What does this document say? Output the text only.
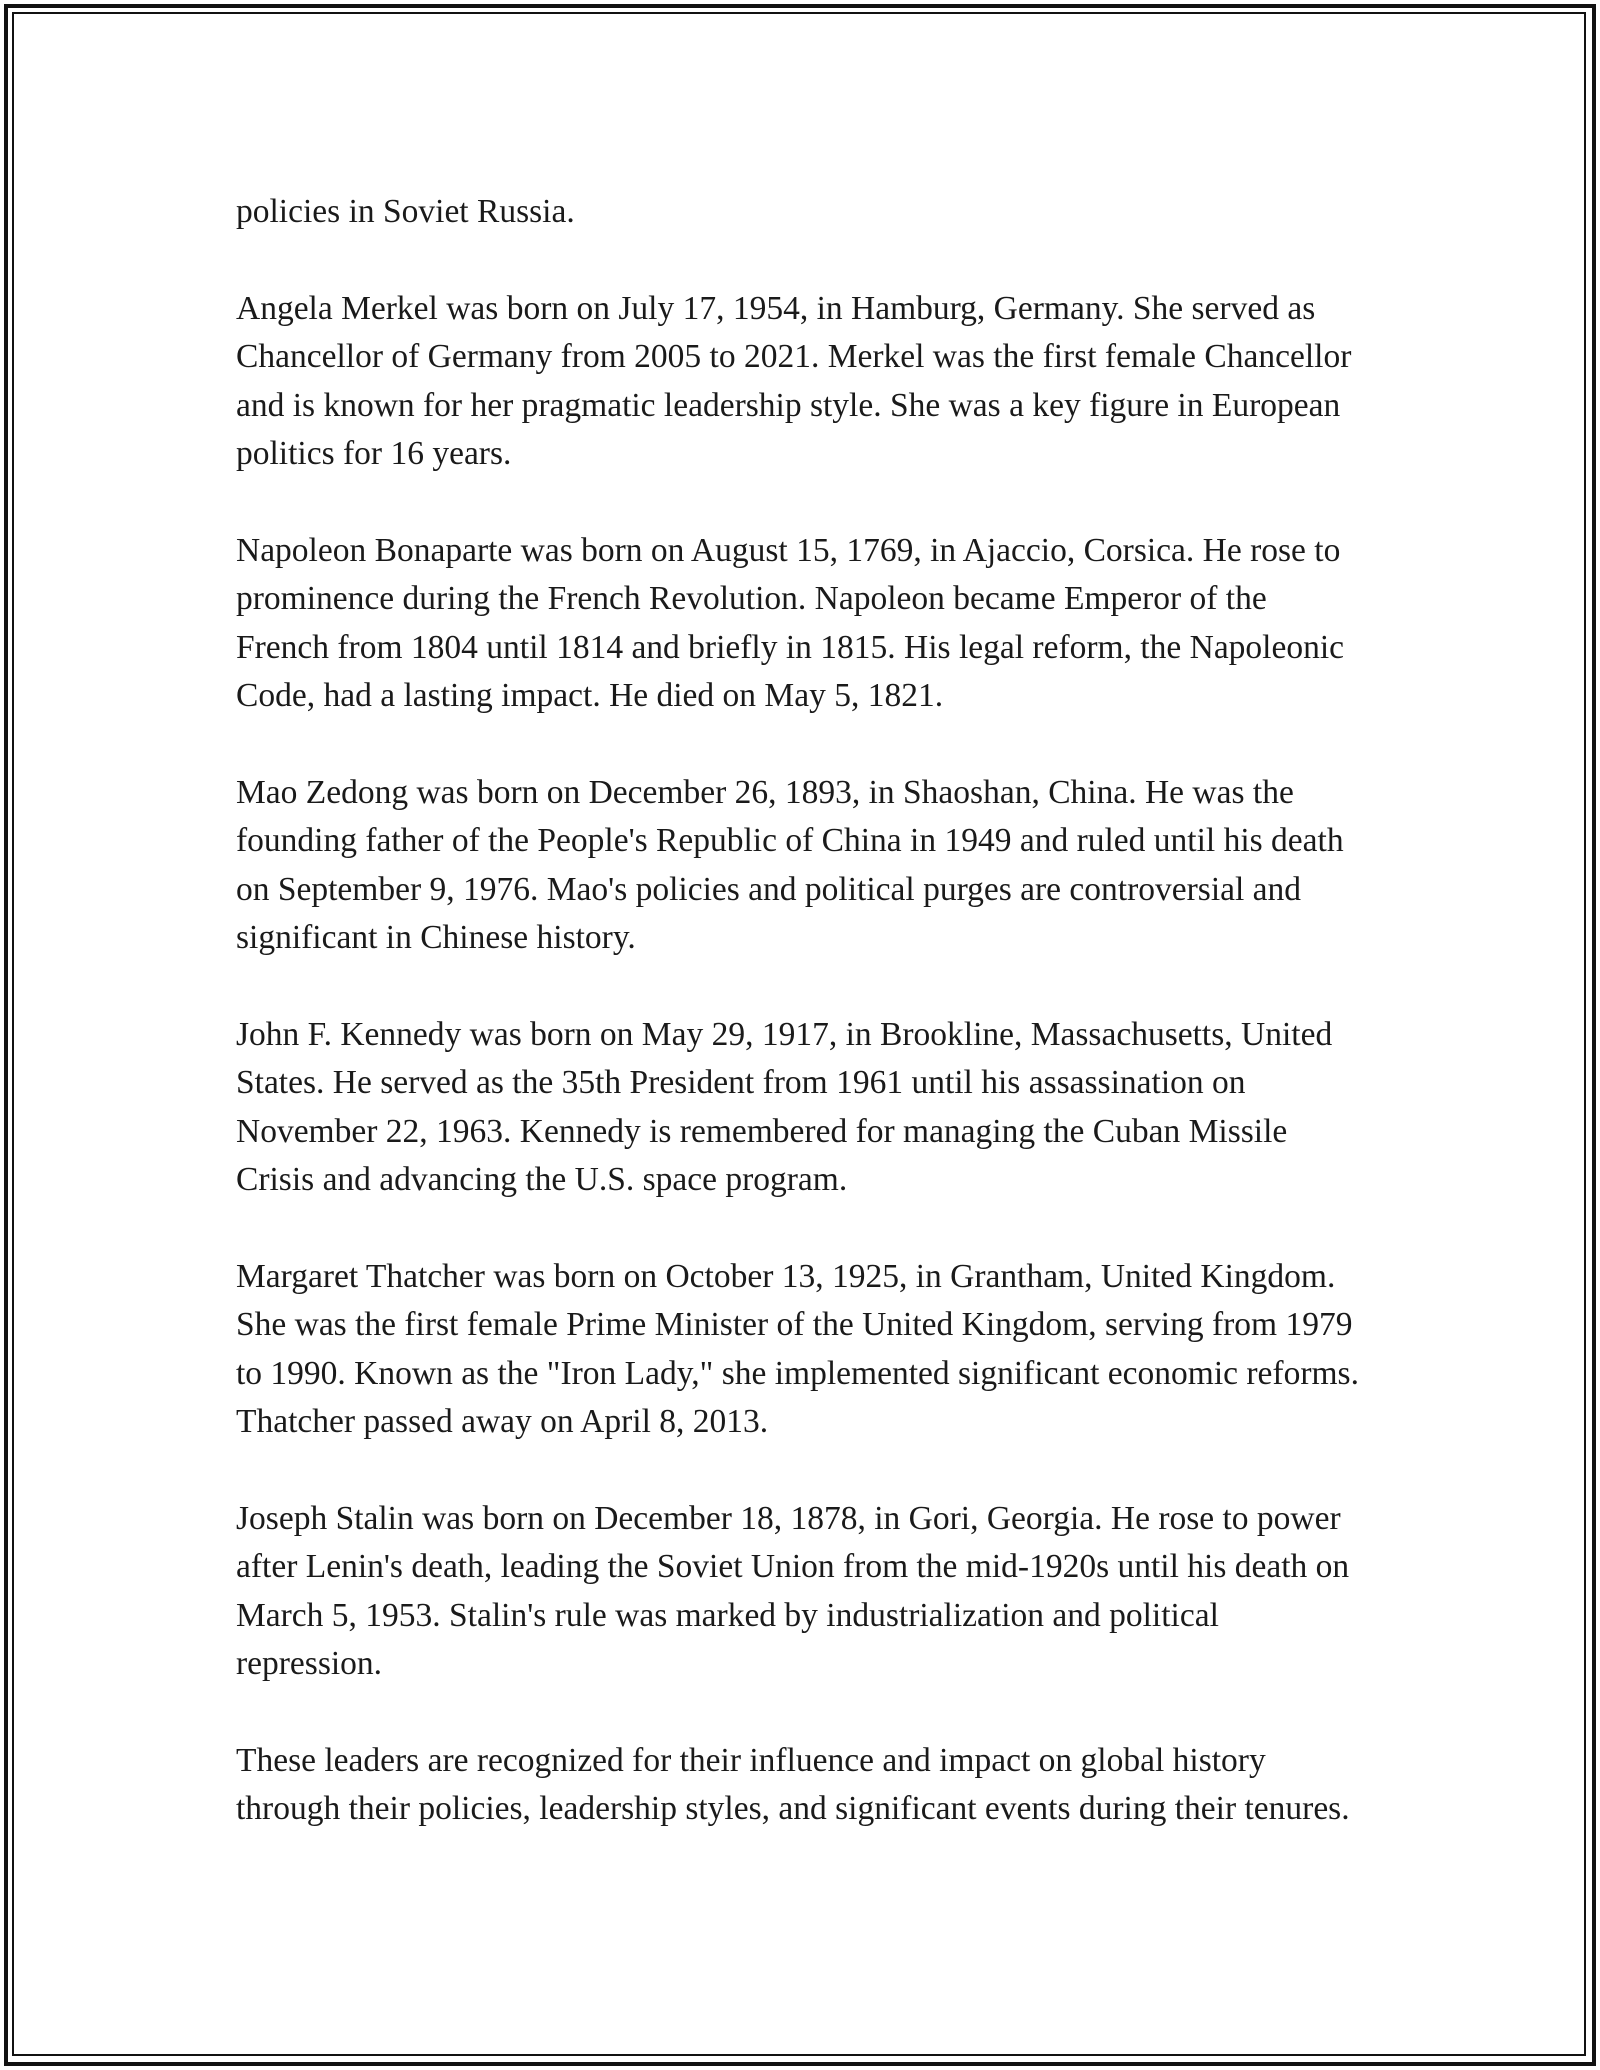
policies in Soviet Russia.

Angela Merkel was born on July 17, 1954, in Hamburg, Germany. She served as Chancellor of Germany from 2005 to 2021. Merkel was the first female Chancellor and is known for her pragmatic leadership style. She was a key figure in European politics for 16 years.

Napoleon Bonaparte was born on August 15, 1769, in Ajaccio, Corsica. He rose to prominence during the French Revolution. Napoleon became Emperor of the French from 1804 until 1814 and briefly in 1815. His legal reform, the Napoleonic Code, had a lasting impact. He died on May 5, 1821.

Mao Zedong was born on December 26, 1893, in Shaoshan, China. He was the founding father of the People's Republic of China in 1949 and ruled until his death on September 9, 1976. Mao's policies and political purges are controversial and significant in Chinese history.

John F. Kennedy was born on May 29, 1917, in Brookline, Massachusetts, United States. He served as the 35th President from 1961 until his assassination on November 22, 1963. Kennedy is remembered for managing the Cuban Missile Crisis and advancing the U.S. space program.

Margaret Thatcher was born on October 13, 1925, in Grantham, United Kingdom. She was the first female Prime Minister of the United Kingdom, serving from 1979 to 1990. Known as the "Iron Lady," she implemented significant economic reforms. Thatcher passed away on April 8, 2013.

Joseph Stalin was born on December 18, 1878, in Gori, Georgia. He rose to power after Lenin's death, leading the Soviet Union from the mid-1920s until his death on March 5, 1953. Stalin's rule was marked by industrialization and political repression.

These leaders are recognized for their influence and impact on global history through their policies, leadership styles, and significant events during their tenures.
